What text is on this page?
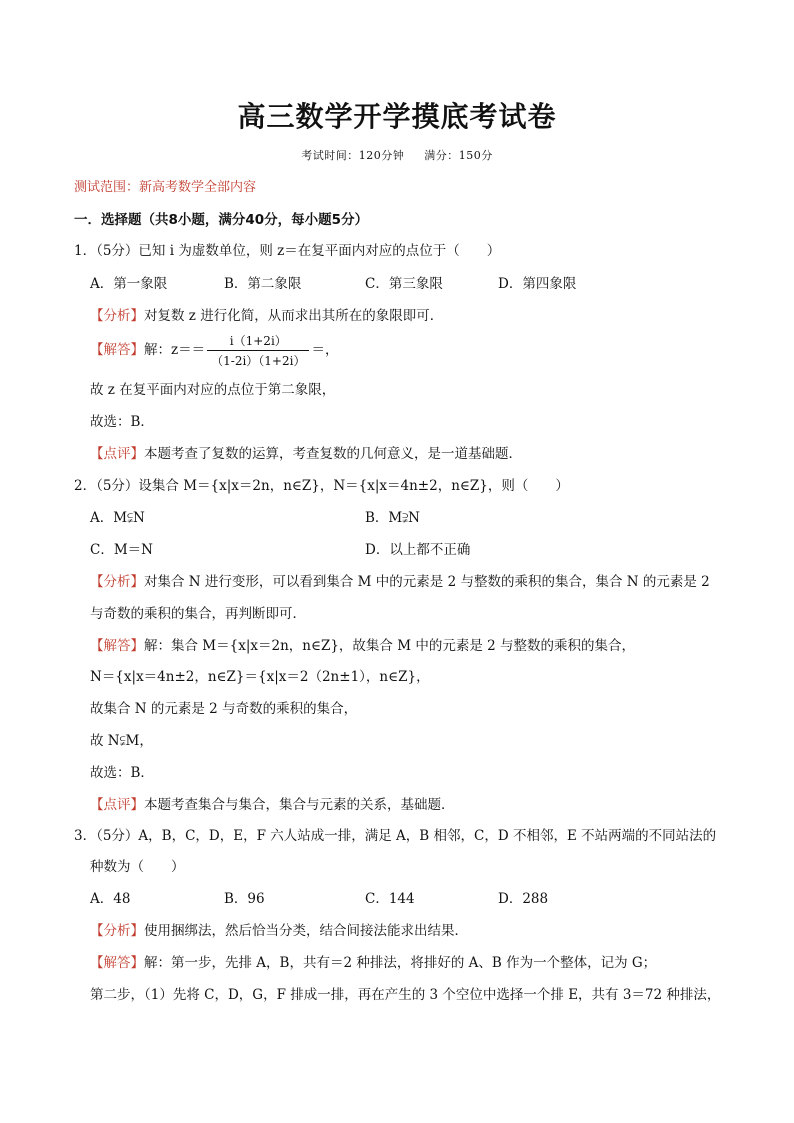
高三数学开学摸底考试卷
考试时间：120分钟 满分：150分
测试范围：新高考数学全部内容
一．选择题（共8小题，满分40分，每小题5分）
1．（5分）已知 i 为虚数单位，则 z＝在复平面内对应的点位于（　　）
A．第一象限	B．第二象限	C．第三象限	D．第四象限
【分析】对复数 z 进行化简，从而求出其所在的象限即可．
【解答】解：$z== \frac{i(1+2i)}{(1-2i)(1+2i)}$ ＝，
故 z 在复平面内对应的点位于第二象限，
故选：B．
【点评】本题考查了复数的运算，考查复数的几何意义，是一道基础题．
2．（5分）设集合 M＝{x|x＝2n，n∈Z}，N＝{x|x＝4n±2，n∈Z}，则（　　）
A．M⫋N	B．M⫌N
C．M＝N	D．以上都不正确
【分析】对集合 N 进行变形，可以看到集合 M 中的元素是 2 与整数的乘积的集合，集合 N 的元素是 2
与奇数的乘积的集合，再判断即可．
【解答】解：集合 M＝{x|x＝2n，n∈Z}，故集合 M 中的元素是 2 与整数的乘积的集合，
N＝{x|x＝4n±2，n∈Z}＝{x|x＝2（2n±1），n∈Z}，
故集合 N 的元素是 2 与奇数的乘积的集合，
故 N⫋M，
故选：B．
【点评】本题考查集合与集合，集合与元素的关系，基础题．
3．（5分）A，B，C，D，E，F 六人站成一排，满足 A，B 相邻，C，D 不相邻，E 不站两端的不同站法的
种数为（　　）
A．48	B．96	C．144	D．288
【分析】使用捆绑法，然后恰当分类，结合间接法能求出结果．
【解答】解：第一步，先排 A，B，共有＝2 种排法，将排好的 A、B 作为一个整体，记为 G；
第二步，（1）先将 C，D，G，F 排成一排，再在产生的 3 个空位中选择一个排 E，共有 3＝72 种排法，
